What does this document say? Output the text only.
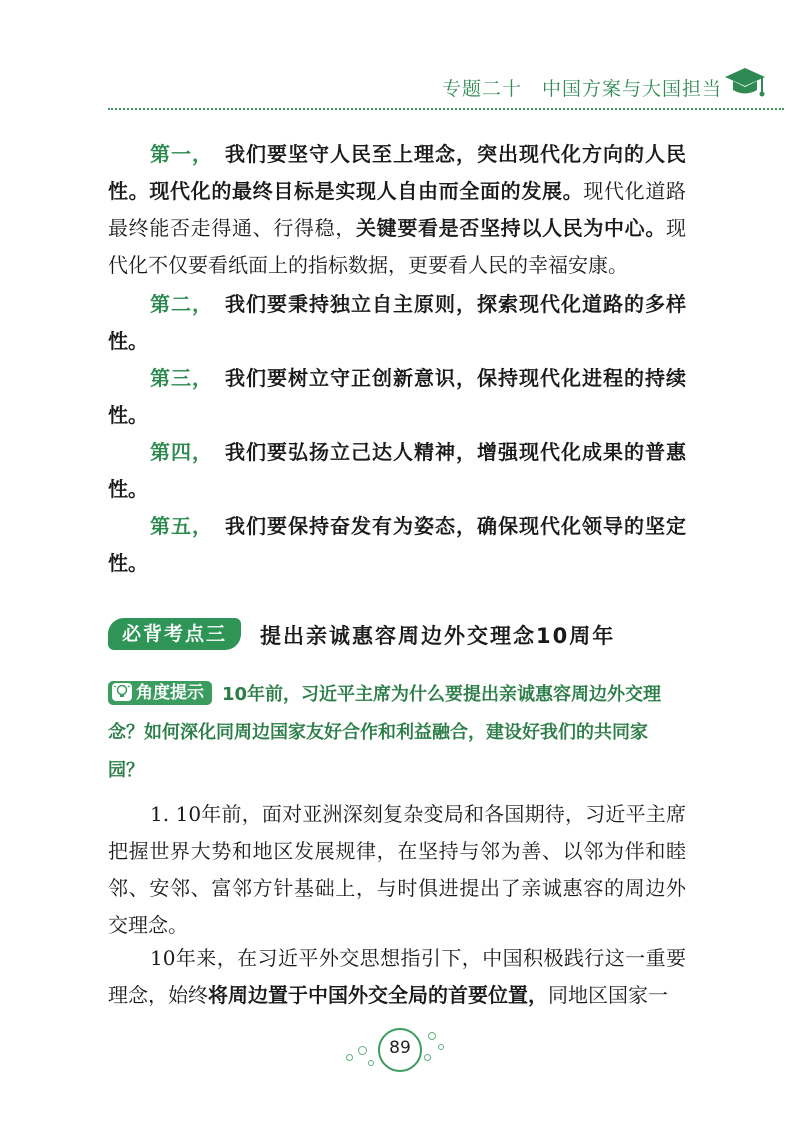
专题二十　中国方案与大国担当

第一， 我们要坚守人民至上理念，突出现代化方向的人民性。现代化的最终目标是实现人自由而全面的发展。现代化道路最终能否走得通、行得稳，关键要看是否坚持以人民为中心。现代化不仅要看纸面上的指标数据，更要看人民的幸福安康。

第二， 我们要秉持独立自主原则，探索现代化道路的多样性。

第三， 我们要树立守正创新意识，保持现代化进程的持续性。

第四， 我们要弘扬立己达人精神，增强现代化成果的普惠性。

第五， 我们要保持奋发有为姿态，确保现代化领导的坚定性。

必背考点三	提出亲诚惠容周边外交理念10周年
角度提示 10年前，习近平主席为什么要提出亲诚惠容周边外交理念？如何深化同周边国家友好合作和利益融合，建设好我们的共同家园？

1. 10年前，面对亚洲深刻复杂变局和各国期待，习近平主席把握世界大势和地区发展规律，在坚持与邻为善、以邻为伴和睦邻、安邻、富邻方针基础上，与时俱进提出了亲诚惠容的周边外交理念。

10年来，在习近平外交思想指引下，中国积极践行这一重要理念，始终将周边置于中国外交全局的首要位置，同地区国家一

89
